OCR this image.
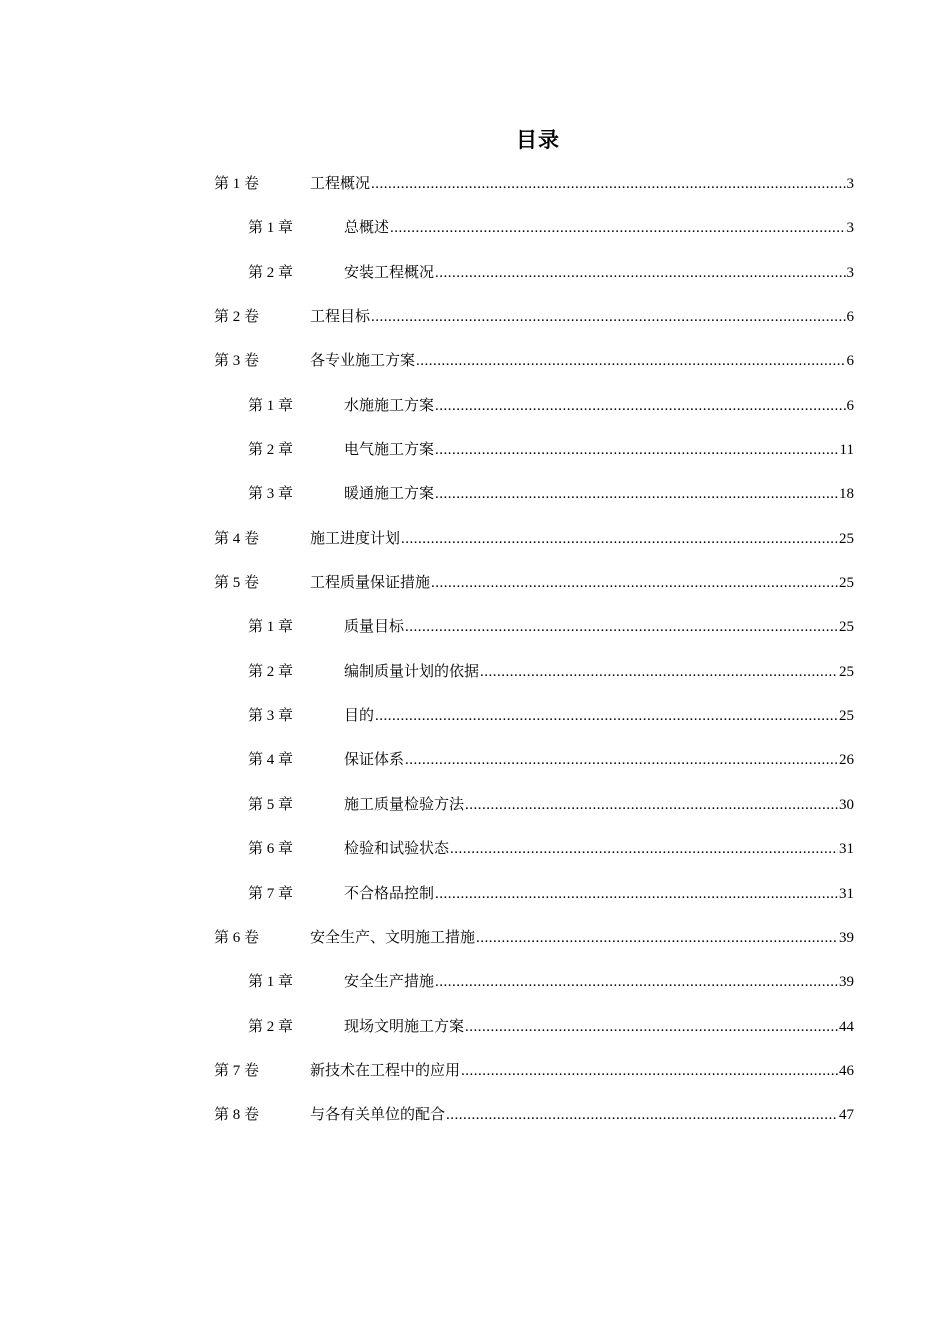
目录
第 1 卷	工程概况 .....	3
第 1 章	总概述 .....	3
第 2 章	安装工程概况 .....	3
第 2 卷	工程目标 .....	6
第 3 卷	各专业施工方案 .....	6
第 1 章	水施施工方案 .....	6
第 2 章	电气施工方案 .....	11
第 3 章	暖通施工方案 .....	18
第 4 卷	施工进度计划 .....	25
第 5 卷	工程质量保证措施 .....	25
第 1 章	质量目标 .....	25
第 2 章	编制质量计划的依据 .....	25
第 3 章	目的 .....	25
第 4 章	保证体系 .....	26
第 5 章	施工质量检验方法 .....	30
第 6 章	检验和试验状态 .....	31
第 7 章	不合格品控制 .....	31
第 6 卷	安全生产、文明施工措施 .....	39
第 1 章	安全生产措施 .....	39
第 2 章	现场文明施工方案 .....	44
第 7 卷	新技术在工程中的应用 .....	46
第 8 卷	与各有关单位的配合 .....	47
